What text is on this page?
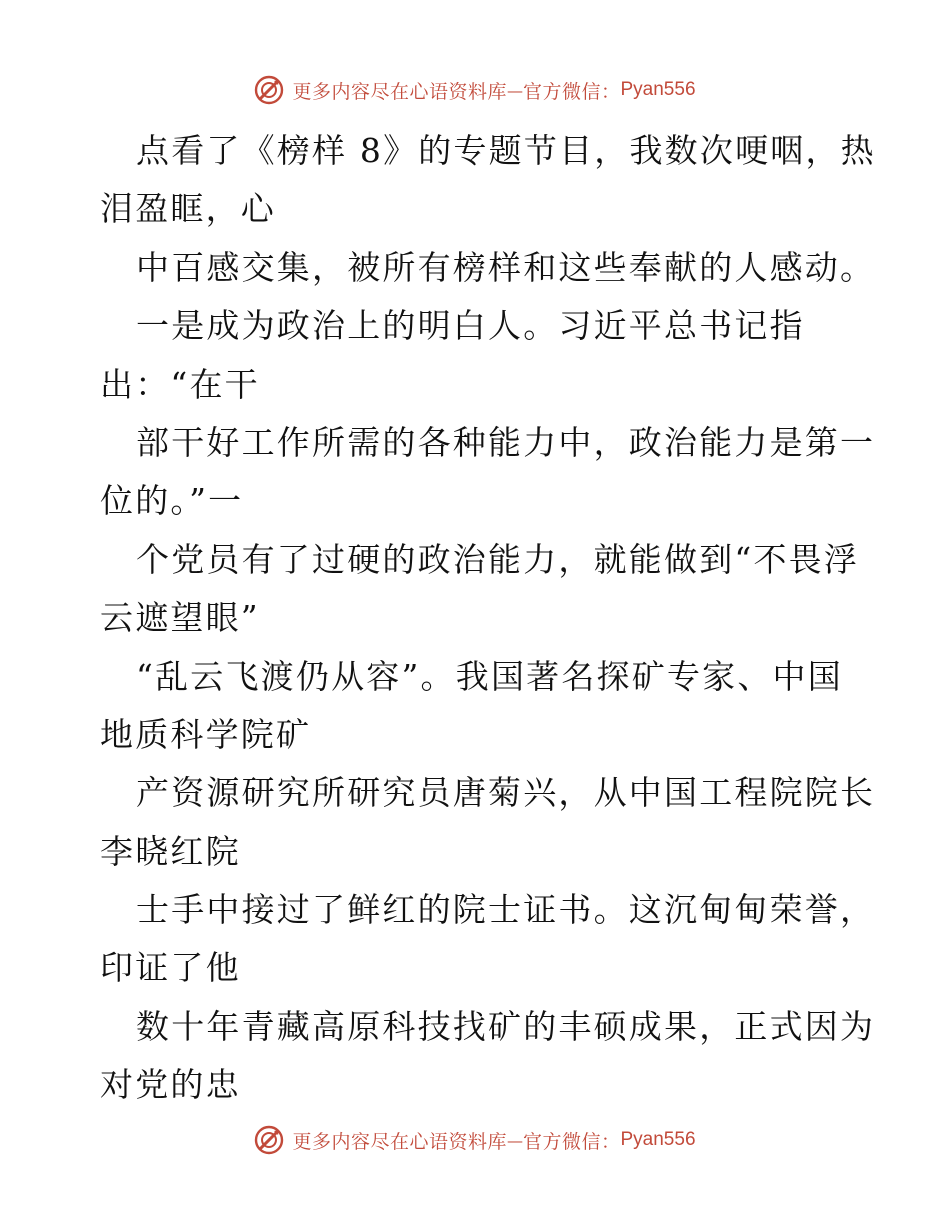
更多内容尽在心语资料库 — 官方微信： Pyan556
点看了《榜样 8》的专题节目，我数次哽咽，热
泪盈眶，心
中百感交集，被所有榜样和这些奉献的人感动。
一是成为政治上的明白人。习近平总书记指
出：“在干
部干好工作所需的各种能力中，政治能力是第一
位的。”一
个党员有了过硬的政治能力，就能做到“不畏浮
云遮望眼”
“乱云飞渡仍从容”。我国著名探矿专家、中国
地质科学院矿
产资源研究所研究员唐菊兴，从中国工程院院长
李晓红院
士手中接过了鲜红的院士证书。这沉甸甸荣誉，
印证了他
数十年青藏高原科技找矿的丰硕成果，正式因为
对党的忠
更多内容尽在心语资料库 — 官方微信： Pyan556
